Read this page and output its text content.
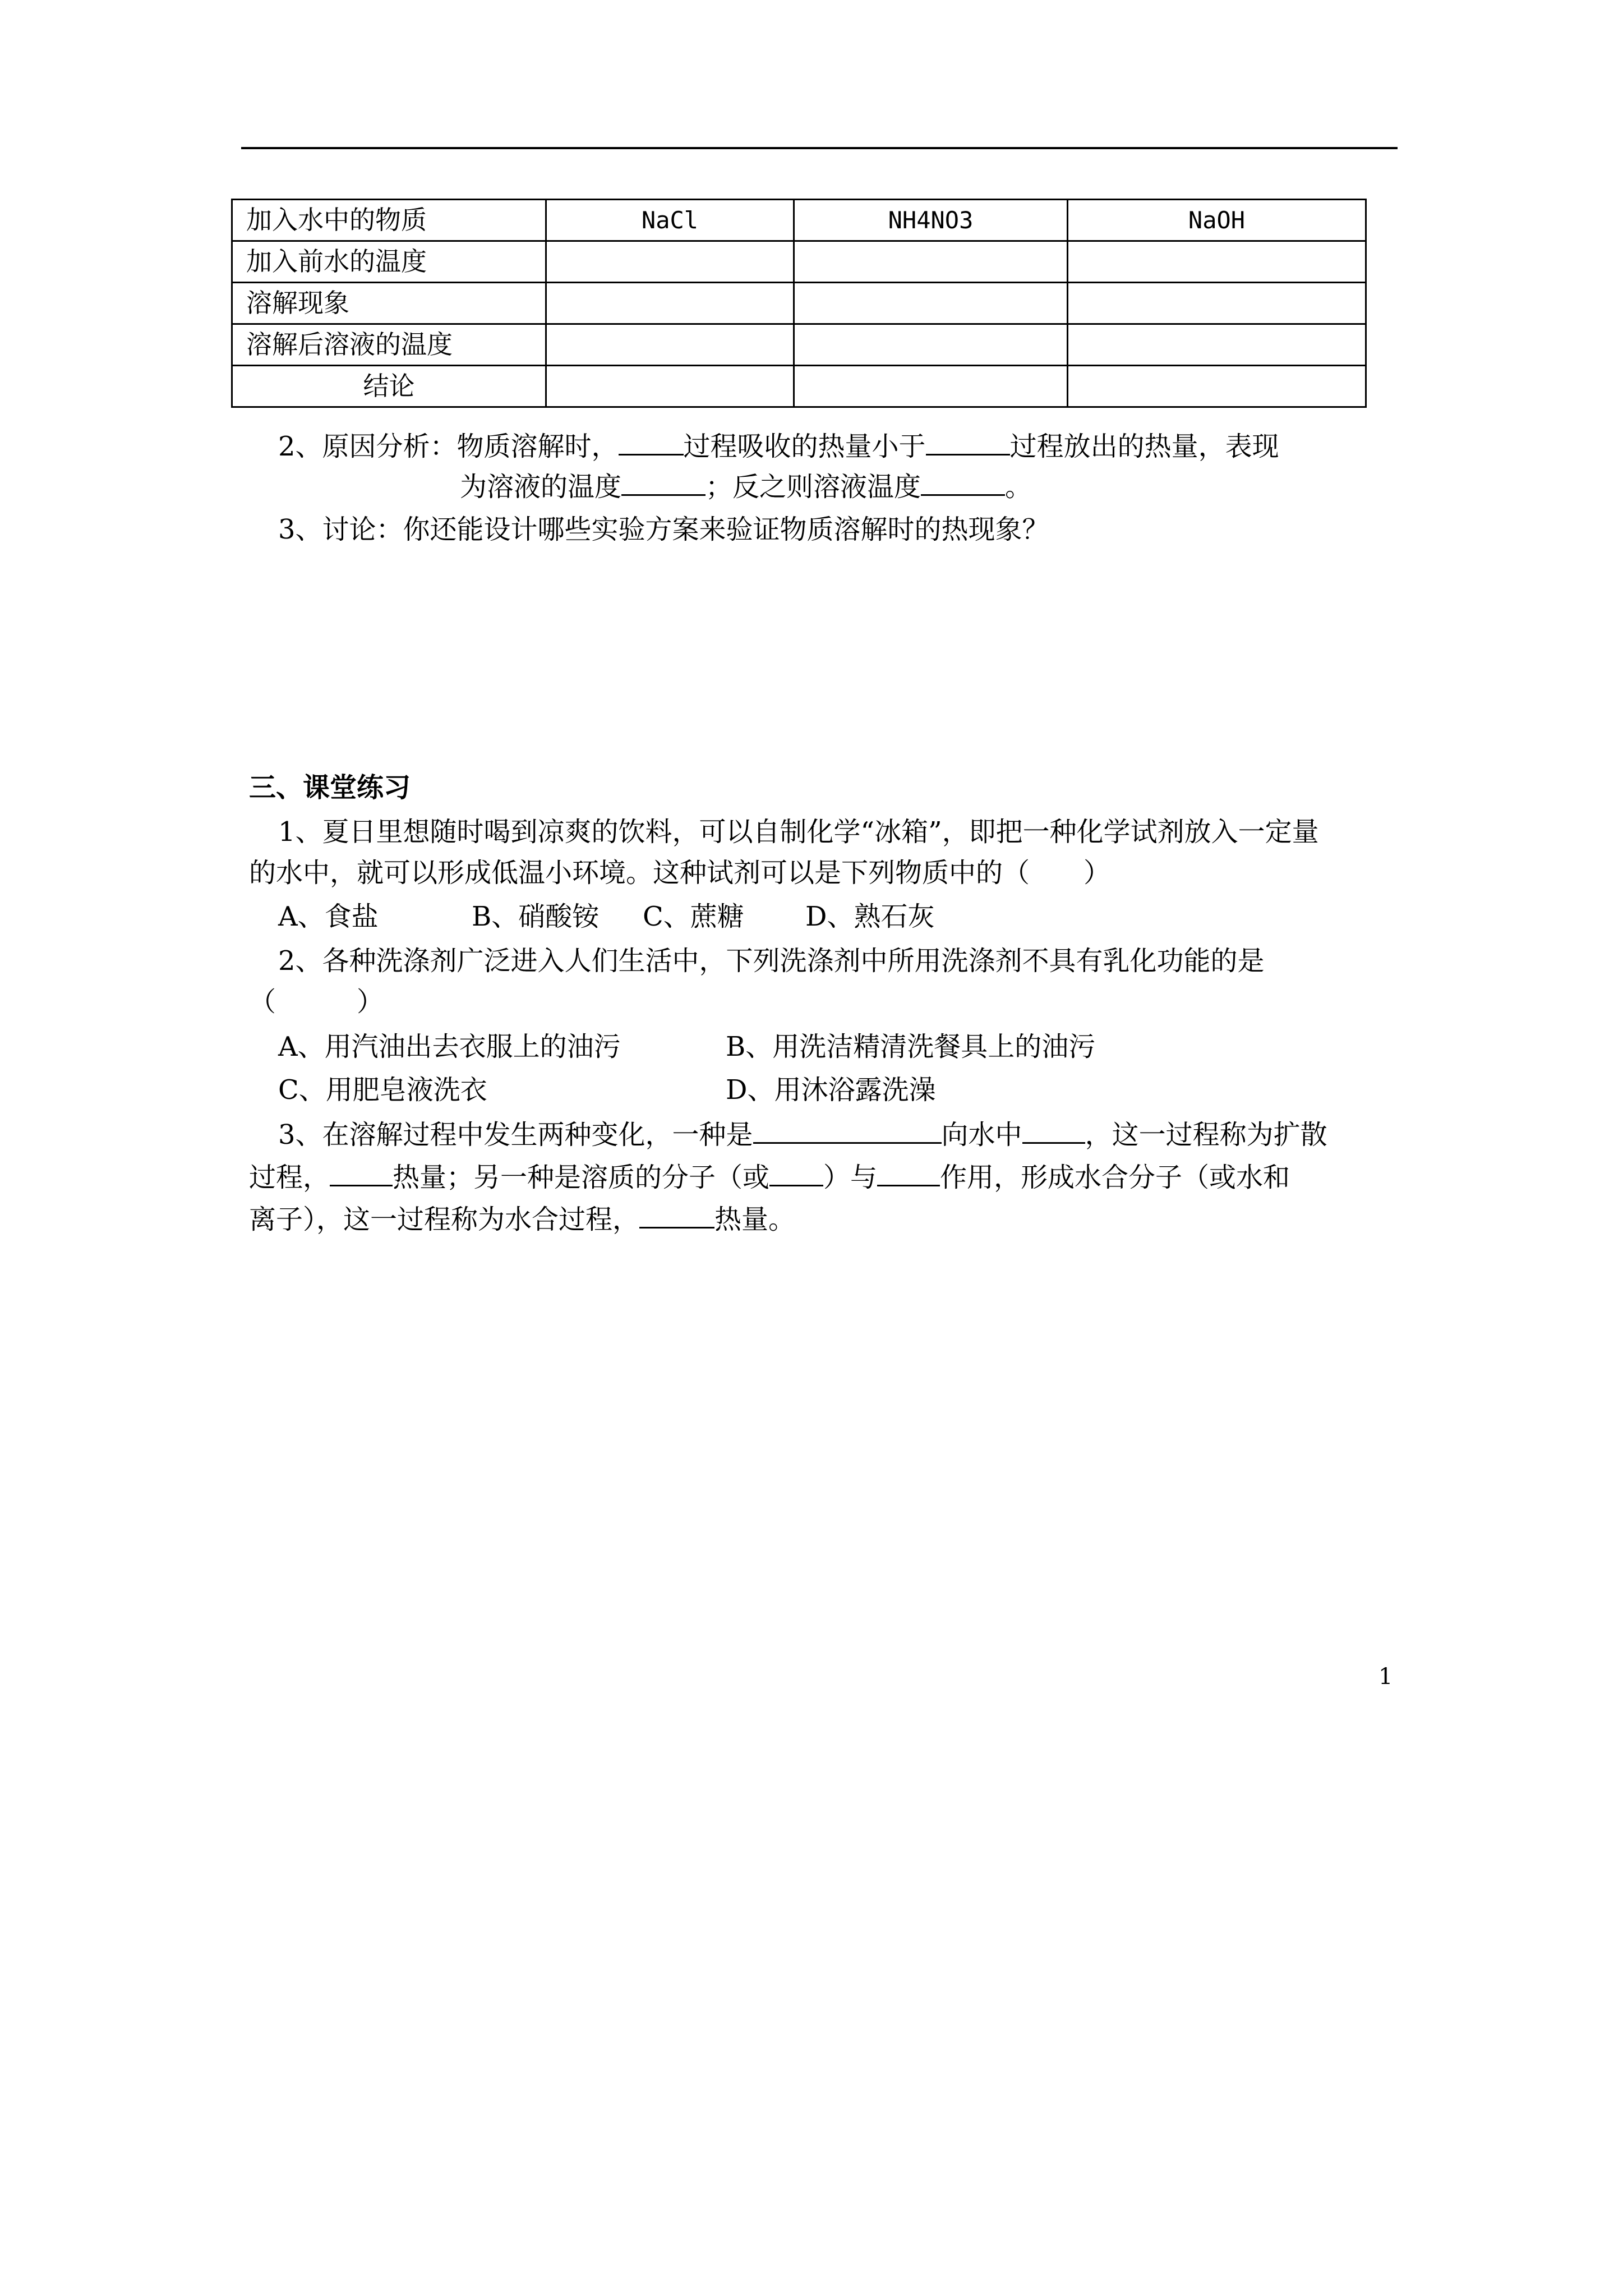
加入水中的物质	NaCl	NH4NO3	NaOH
加入前水的温度			
溶解现象			
溶解后溶液的温度			
结论			
2、原因分析：物质溶解时， 过程吸收的热量小于	过程放出的热量，表现
为溶液的温度	；反之则溶液温度	。
3、讨论：你还能设计哪些实验方案来验证物质溶解时的热现象？
三、课堂练习
1、夏日里想随时喝到凉爽的饮料，可以自制化学“冰箱”，即把一种化学试剂放入一定量
的水中，就可以形成低温小环境。这种试剂可以是下列物质中的（　　）
A、食盐	B、硝酸铵 C、蔗糖 D、熟石灰
2、各种洗涤剂广泛进入人们生活中，下列洗涤剂中所用洗涤剂不具有乳化功能的是
（　　　）
A、用汽油出去衣服上的油污	B、用洗洁精清洗餐具上的油污
C、用肥皂液洗衣	D、用沐浴露洗澡
3、在溶解过程中发生两种变化，一种是	向水中 ，这一过程称为扩散
过程， 热量；另一种是溶质的分子（或 ）与 作用，形成水合分子（或水和
离子），这一过程称为水合过程，	热量。
1
